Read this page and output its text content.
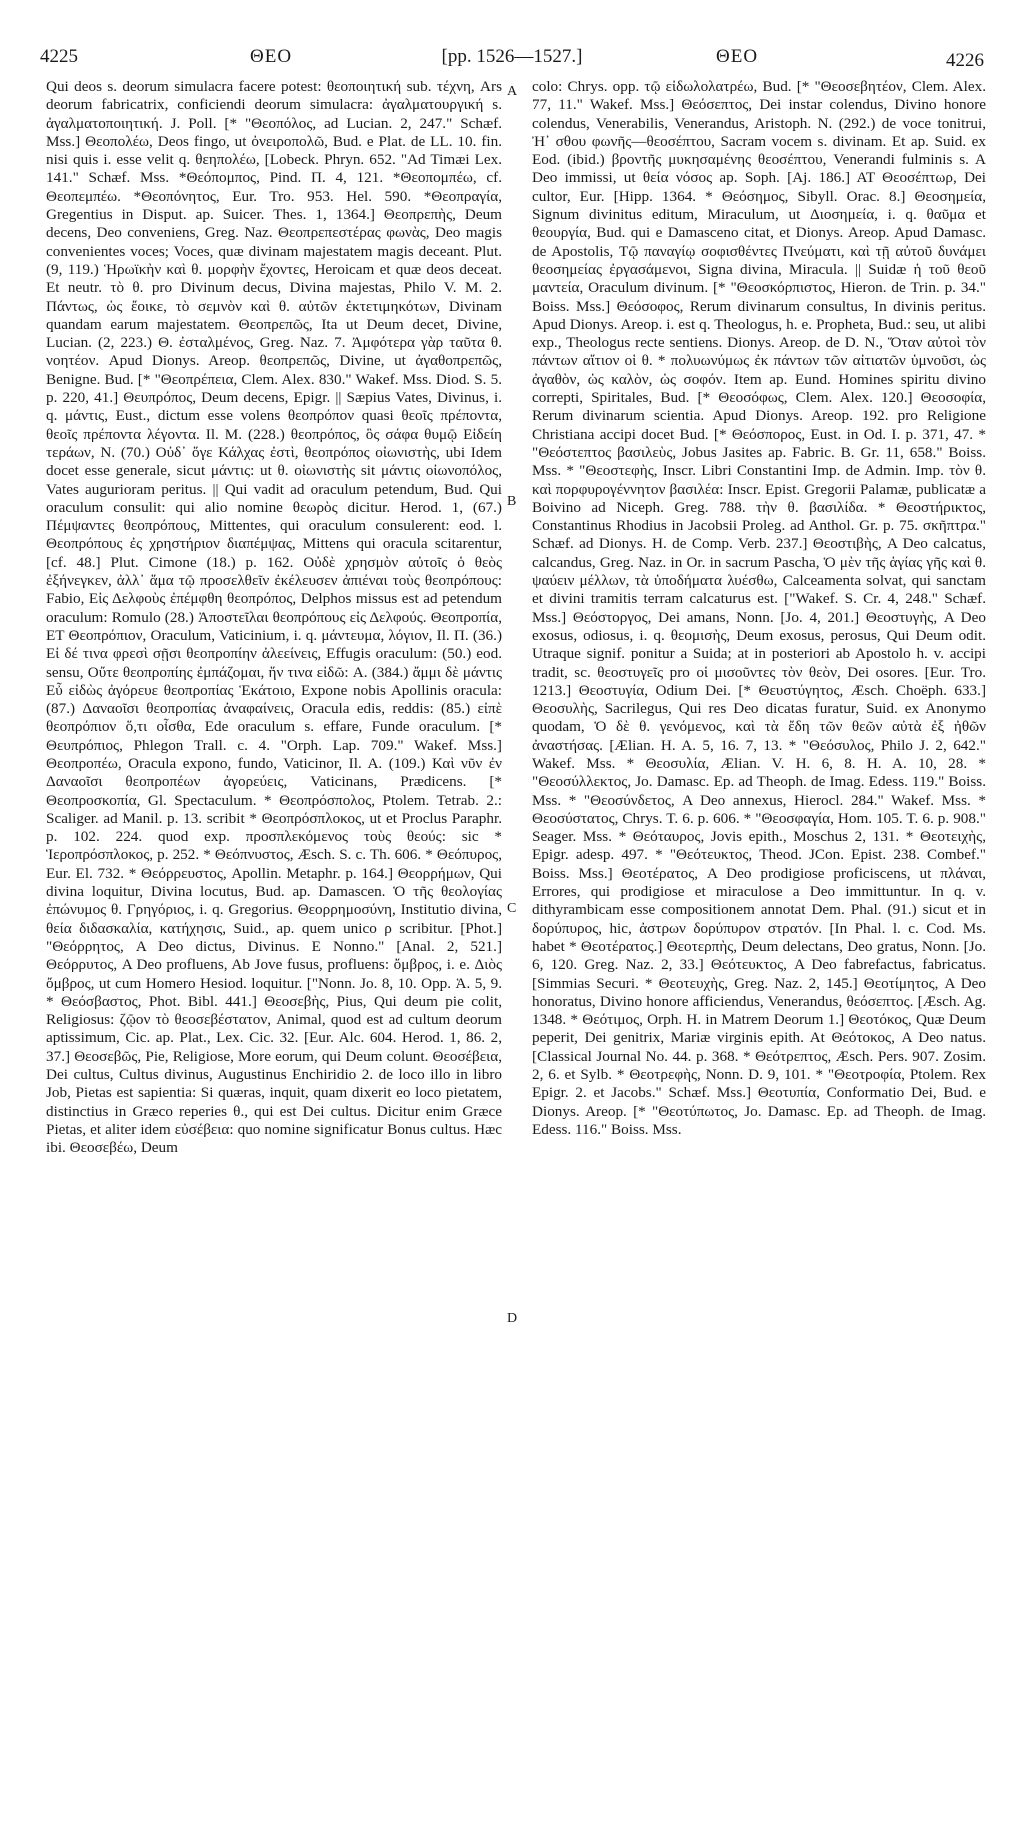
4225	ΘΕΟ	[pp. 1526—1527.]	ΘΕΟ	4226

Qui deos s. deorum simulacra facere potest: θεοποιητική sub. τέχνη, Ars deorum fabricatrix, conficiendi deorum simulacra: ἀγαλματουργική s. ἀγαλματοποιητική. J. Poll. [* "Θεοπόλος, ad Lucian. 2, 247." Schæf. Mss.] Θεοπολέω, Deos fingo, ut ὀνειροπολῶ, Bud. e Plat. de LL. 10. fin. nisi quis i. esse velit q. θεηπολέω, [Lobeck. Phryn. 652. "Ad Timæi Lex. 141." Schæf. Mss. *Θεόπομπος, Pind. Π. 4, 121. *Θεοπομπέω, cf. Θεοπεμπέω. *Θεοπόνητος, Eur. Tro. 953. Hel. 590. *Θεοπραγία, Gregentius in Disput. ap. Suicer. Thes. 1, 1364.] Θεοπρεπὴς, Deum decens, Deo conveniens, Greg. Naz. Θεοπρεπεστέρας φωνὰς, Deo magis convenientes voces; Voces, quæ divinam majestatem magis deceant. Plut. (9, 119.) Ἡρωϊκὴν καὶ θ. μορφὴν ἔχοντες, Heroicam et quæ deos deceat. Et neutr. τὸ θ. pro Divinum decus, Divina majestas, Philo V. M. 2. Πάντως, ὡς ἔοικε, τὸ σεμνὸν καὶ θ. αὐτῶν ἐκτετιμηκότων, Divinam quandam earum majestatem. Θεοπρεπῶς, Ita ut Deum decet, Divine, Lucian. (2, 223.) Θ. ἐσταλμένος, Greg. Naz. 7. Ἀμφότερα γὰρ ταῦτα θ. νοητέον. Apud Dionys. Areop. θεοπρεπῶς, Divine, ut ἀγαθοπρεπῶς, Benigne. Bud. [* "Θεοπρέπεια, Clem. Alex. 830." Wakef. Mss. Diod. S. 5. p. 220, 41.] Θευπρόπος, Deum decens, Epigr. || Sæpius Vates, Divinus, i. q. μάντις, Eust., dictum esse volens θεοπρόπον quasi θεοῖς πρέποντα, θεοῖς πρέποντα λέγοντα. Il. M. (228.) θεοπρόπος, ὃς σάφα θυμῷ Εἰδείη τεράων, N. (70.) Οὐδ᾽ ὅγε Κάλχας ἐστὶ, θεοπρόπος οἰωνιστὴς, ubi Idem docet esse generale, sicut μάντις: ut θ. οἰωνιστὴς sit μάντις οἰωνοπόλος, Vates augurioram peritus. || Qui vadit ad oraculum petendum, Bud. Qui oraculum consulit: qui alio nomine θεωρὸς dicitur. Herod. 1, (67.) Πέμψαντες θεοπρόπους, Mittentes, qui oraculum consulerent: eod. l. Θεοπρόπους ἐς χρηστήριον διαπέμψας, Mittens qui oracula scitarentur, [cf. 48.] Plut. Cimone (18.) p. 162. Οὐδὲ χρησμὸν αὐτοῖς ὁ θεὸς ἐξήνεγκεν, ἀλλ᾽ ἅμα τῷ προσελθεῖν ἐκέλευσεν ἀπιέναι τοὺς θεοπρόπους: Fabio, Εἰς Δελφοὺς ἐπέμφθη θεοπρόπος, Delphos missus est ad petendum oraculum: Romulo (28.) Ἀποστεῖλαι θεοπρόπους εἰς Δελφούς. Θεοπροπία, ET Θεοπρόπιον, Oraculum, Vaticinium, i. q. μάντευμα, λόγιον, Il. Π. (36.) Εἰ δέ τινα φρεσὶ σῇσι θεοπροπίην ἀλεείνεις, Effugis oraculum: (50.) eod. sensu, Οὔτε θεοπροπίης ἐμπάζομαι, ἥν τινα εἰδῶ: A. (384.) ἄμμι δὲ μάντις Εὖ εἰδὼς ἀγόρευε θεοπροπίας Ἑκάτοιο, Expone nobis Apollinis oracula: (87.) Δαναοῖσι θεοπροπίας ἀναφαίνεις, Oracula edis, reddis: (85.) εἰπὲ θεοπρόπιον ὅ,τι οἶσθα, Ede oraculum s. effare, Funde oraculum. [* Θευπρόπιος, Phlegon Trall. c. 4. "Orph. Lap. 709." Wakef. Mss.] Θεοπροπέω, Oracula expono, fundo, Vaticinor, Il. A. (109.) Καὶ νῦν ἐν Δαναοῖσι θεοπροπέων ἀγορεύεις, Vaticinans, Prædicens. [* Θεοπροσκοπία, Gl. Spectaculum. * Θεοπρόσπολος, Ptolem. Tetrab. 2.: Scaliger. ad Manil. p. 13. scribit * Θεοπρόσπλοκος, ut et Proclus Paraphr. p. 102. 224. quod exp. προσπλεκόμενος τοὺς θεούς: sic * Ἱεροπρόσπλοκος, p. 252. * Θεόπνυστος, Æsch. S. c. Th. 606. * Θεόπυρος, Eur. El. 732. * Θεόρρευστος, Apollin. Metaphr. p. 164.] Θεορρήμων, Qui divina loquitur, Divina locutus, Bud. ap. Damascen. Ὁ τῆς θεολογίας ἐπώνυμος θ. Γρηγόριος, i. q. Gregorius. Θεορρημοσύνη, Institutio divina, θεία διδασκαλία, κατήχησις, Suid., ap. quem unico ρ scribitur. [Phot.] "Θεόρρητος, A Deo dictus, Divinus. E Nonno." [Anal. 2, 521.] Θεόρρυτος, A Deo profluens, Ab Jove fusus, profluens: ὄμβρος, i. e. Διὸς ὄμβρος, ut cum Homero Hesiod. loquitur. ["Nonn. Jo. 8, 10. Opp. Ἁ. 5, 9. * Θεόσβαστος, Phot. Bibl. 441.] Θεοσεβὴς, Pius, Qui deum pie colit, Religiosus: ζῷον τὸ θεοσεβέστατον, Animal, quod est ad cultum deorum aptissimum, Cic. ap. Plat., Lex. Cic. 32. [Eur. Alc. 604. Herod. 1, 86. 2, 37.] Θεοσεβῶς, Pie, Religiose, More eorum, qui Deum colunt. Θεοσέβεια, Dei cultus, Cultus divinus, Augustinus Enchiridio 2. de loco illo in libro Job, Pietas est sapientia: Si quæras, inquit, quam dixerit eo loco pietatem, distinctius in Græco reperies θ., qui est Dei cultus. Dicitur enim Græce Pietas, et aliter idem εὐσέβεια: quo nomine significatur Bonus cultus. Hæc ibi. Θεοσεβέω, Deum

A
B
C
D

colo: Chrys. opp. τῷ εἰδωλολατρέω, Bud. [* "Θεοσεβητέον, Clem. Alex. 77, 11." Wakef. Mss.] Θεόσεπτος, Dei instar colendus, Divino honore colendus, Venerabilis, Venerandus, Aristoph. N. (292.) de voce tonitrui, Ἠ᾽ σθου φωνῆς—θεοσέπτου, Sacram vocem s. divinam. Et ap. Suid. ex Eod. (ibid.) βροντῆς μυκησαμένης θεοσέπτου, Venerandi fulminis s. A Deo immissi, ut θεία νόσος ap. Soph. [Aj. 186.] AT Θεοσέπτωρ, Dei cultor, Eur. [Hipp. 1364. * Θεόσημος, Sibyll. Orac. 8.] Θεοσημεία, Signum divinitus editum, Miraculum, ut Διοσημεία, i. q. θαῦμα et θεουργία, Bud. qui e Damasceno citat, et Dionys. Areop. Apud Damasc. de Apostolis, Τῷ παναγίῳ σοφισθέντες Πνεύματι, καὶ τῇ αὐτοῦ δυνάμει θεοσημείας ἐργασάμενοι, Signa divina, Miracula. || Suidæ ἡ τοῦ θεοῦ μαντεία, Oraculum divinum. [* "Θεοσκόρπιστος, Hieron. de Trin. p. 34." Boiss. Mss.] Θεόσοφος, Rerum divinarum consultus, In divinis peritus. Apud Dionys. Areop. i. est q. Theologus, h. e. Propheta, Bud.: seu, ut alibi exp., Theologus recte sentiens. Dionys. Areop. de D. N., Ὅταν αὐτοὶ τὸν πάντων αἴτιον οἱ θ. * πολυωνύμως ἐκ πάντων τῶν αἰτιατῶν ὑμνοῦσι, ὡς ἀγαθὸν, ὡς καλὸν, ὡς σοφόν. Item ap. Eund. Homines spiritu divino correpti, Spiritales, Bud. [* Θεοσόφως, Clem. Alex. 120.] Θεοσοφία, Rerum divinarum scientia. Apud Dionys. Areop. 192. pro Religione Christiana accipi docet Bud. [* Θεόσπορος, Eust. in Od. I. p. 371, 47. * "Θεόστεπτος βασιλεὺς, Jobus Jasites ap. Fabric. B. Gr. 11, 658." Boiss. Mss. * "Θεοστεφὴς, Inscr. Libri Constantini Imp. de Admin. Imp. τὸν θ. καὶ πορφυρογέννητον βασιλέα: Inscr. Epist. Gregorii Palamæ, publicatæ a Boivino ad Niceph. Greg. 788. τὴν θ. βασιλίδα. * Θεοστήρικτος, Constantinus Rhodius in Jacobsii Proleg. ad Anthol. Gr. p. 75. σκῆπτρα." Schæf. ad Dionys. H. de Comp. Verb. 237.] Θεοστιβὴς, A Deo calcatus, calcandus, Greg. Naz. in Or. in sacrum Pascha, Ὁ μὲν τῆς ἁγίας γῆς καὶ θ. ψαύειν μέλλων, τὰ ὑποδήματα λυέσθω, Calceamenta solvat, qui sanctam et divini tramitis terram calcaturus est. ["Wakef. S. Cr. 4, 248." Schæf. Mss.] Θεόστοργος, Dei amans, Nonn. [Jo. 4, 201.] Θεοστυγὴς, A Deo exosus, odiosus, i. q. θεομισὴς, Deum exosus, perosus, Qui Deum odit. Utraque signif. ponitur a Suida; at in posteriori ab Apostolo h. v. accipi tradit, sc. θεοστυγεῖς pro οἱ μισοῦντες τὸν θεὸν, Dei osores. [Eur. Tro. 1213.] Θεοστυγία, Odium Dei. [* Θευστύγητος, Æsch. Choëph. 633.] Θεοσυλὴς, Sacrilegus, Qui res Deo dicatas furatur, Suid. ex Anonymo quodam, Ὁ δὲ θ. γενόμενος, καὶ τὰ ἔδη τῶν θεῶν αὐτὰ ἐξ ἠθῶν ἀναστήσας. [Ælian. H. A. 5, 16. 7, 13. * "Θεόσυλος, Philo J. 2, 642." Wakef. Mss. * Θεοσυλία, Ælian. V. H. 6, 8. H. A. 10, 28. * "Θεοσύλλεκτος, Jo. Damasc. Ep. ad Theoph. de Imag. Edess. 119." Boiss. Mss. * "Θεοσύνδετος, A Deo annexus, Hierocl. 284." Wakef. Mss. * Θεοσύστατος, Chrys. T. 6. p. 606. * "Θεοσφαγία, Hom. 105. T. 6. p. 908." Seager. Mss. * Θεόταυρος, Jovis epith., Moschus 2, 131. * Θεοτειχὴς, Epigr. adesp. 497. * "Θεότευκτος, Theod. JCon. Epist. 238. Combef." Boiss. Mss.] Θεοτέρατος, A Deo prodigiose proficiscens, ut πλάναι, Errores, qui prodigiose et miraculose a Deo immittuntur. In q. v. dithyrambicam esse compositionem annotat Dem. Phal. (91.) sicut et in δορύπυρος, hic, ἀστρων δορύπυρον στρατόν. [In Phal. l. c. Cod. Ms. habet * Θεοτέρατος.] Θεοτερπὴς, Deum delectans, Deo gratus, Nonn. [Jo. 6, 120. Greg. Naz. 2, 33.] Θεότευκτος, A Deo fabrefactus, fabricatus. [Simmias Securi. * Θεοτευχὴς, Greg. Naz. 2, 145.] Θεοτίμητος, A Deo honoratus, Divino honore afficiendus, Venerandus, θεόσεπτος. [Æsch. Ag. 1348. * Θεότιμος, Orph. H. in Matrem Deorum 1.] Θεοτόκος, Quæ Deum peperit, Dei genitrix, Mariæ virginis epith. At Θεότοκος, A Deo natus. [Classical Journal No. 44. p. 368. * Θεότρεπτος, Æsch. Pers. 907. Zosim. 2, 6. et Sylb. * Θεοτρεφὴς, Nonn. D. 9, 101. * "Θεοτροφία, Ptolem. Rex Epigr. 2. et Jacobs." Schæf. Mss.] Θεοτυπία, Conformatio Dei, Bud. e Dionys. Areop. [* "Θεοτύπωτος, Jo. Damasc. Ep. ad Theoph. de Imag. Edess. 116." Boiss. Mss.
